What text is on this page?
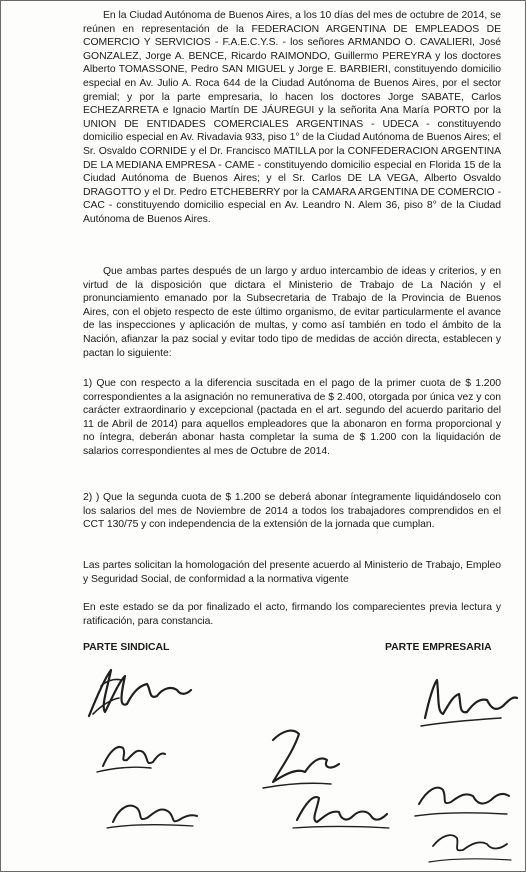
En la Ciudad Autónoma de Buenos Aires, a los 10 días del mes de octubre de 2014, se reúnen en representación de la FEDERACION ARGENTINA DE EMPLEADOS DE COMERCIO Y SERVICIOS - F.A.E.C.Y.S. - los señores ARMANDO O. CAVALIERI, José GONZALEZ, Jorge A. BENCE, Ricardo RAIMONDO, Guillermo PEREYRA y los doctores Alberto TOMASSONE, Pedro SAN MIGUEL y Jorge E. BARBIERI, constituyendo domicilio especial en Av. Julio A. Roca 644 de la Ciudad Autónoma de Buenos Aires, por el sector gremial; y por la parte empresaria, lo hacen los doctores Jorge SABATE, Carlos ECHEZARRETA e Ignacio Martín DE JÁUREGUI y la señorita Ana María PORTO por la UNION DE ENTIDADES COMERCIALES ARGENTINAS - UDECA - constituyendo domicilio especial en Av. Rivadavia 933, piso 1° de la Ciudad Autónoma de Buenos Aires; el Sr. Osvaldo CORNIDE y el Dr. Francisco MATILLA por la CONFEDERACION ARGENTINA DE LA MEDIANA EMPRESA - CAME - constituyendo domicilio especial en Florida 15 de la Ciudad Autónoma de Buenos Aires; y el Sr. Carlos DE LA VEGA, Alberto Osvaldo DRAGOTTO y el Dr. Pedro ETCHEBERRY por la CAMARA ARGENTINA DE COMERCIO - CAC - constituyendo domicilio especial en Av. Leandro N. Alem 36, piso 8° de la Ciudad Autónoma de Buenos Aires.
Que ambas partes después de un largo y arduo intercambio de ideas y criterios, y en virtud de la disposición que dictara el Ministerio de Trabajo de La Nación y el pronunciamiento emanado por la Subsecretaria de Trabajo de la Provincia de Buenos Aires, con el objeto respecto de este último organismo, de evitar particularmente el avance de las inspecciones y aplicación de multas, y como así también en todo el ámbito de la Nación, afianzar la paz social y evitar todo tipo de medidas de acción directa, establecen y pactan lo siguiente:
1) Que con respecto a la diferencia suscitada en el pago de la primer cuota de $ 1.200 correspondientes a la asignación no remunerativa de $ 2.400, otorgada por única vez y con carácter extraordinario y excepcional (pactada en el art. segundo del acuerdo paritario del 11 de Abril de 2014) para aquellos empleadores que la abonaron en forma proporcional y no íntegra, deberán abonar hasta completar la suma de $ 1.200 con la liquidación de salarios correspondientes al mes de Octubre de 2014.
2) ) Que la segunda cuota de $ 1.200 se deberá abonar íntegramente liquidándoselo con los salarios del mes de Noviembre de 2014 a todos los trabajadores comprendidos en el CCT 130/75 y con independencia de la extensión de la jornada que cumplan.
Las partes solicitan la homologación del presente acuerdo al Ministerio de Trabajo, Empleo y Seguridad Social, de conformidad a la normativa vigente
En este estado se da por finalizado el acto, firmando los comparecientes previa lectura y ratificación, para constancia.
PARTE SINDICAL	PARTE EMPRESARIA
